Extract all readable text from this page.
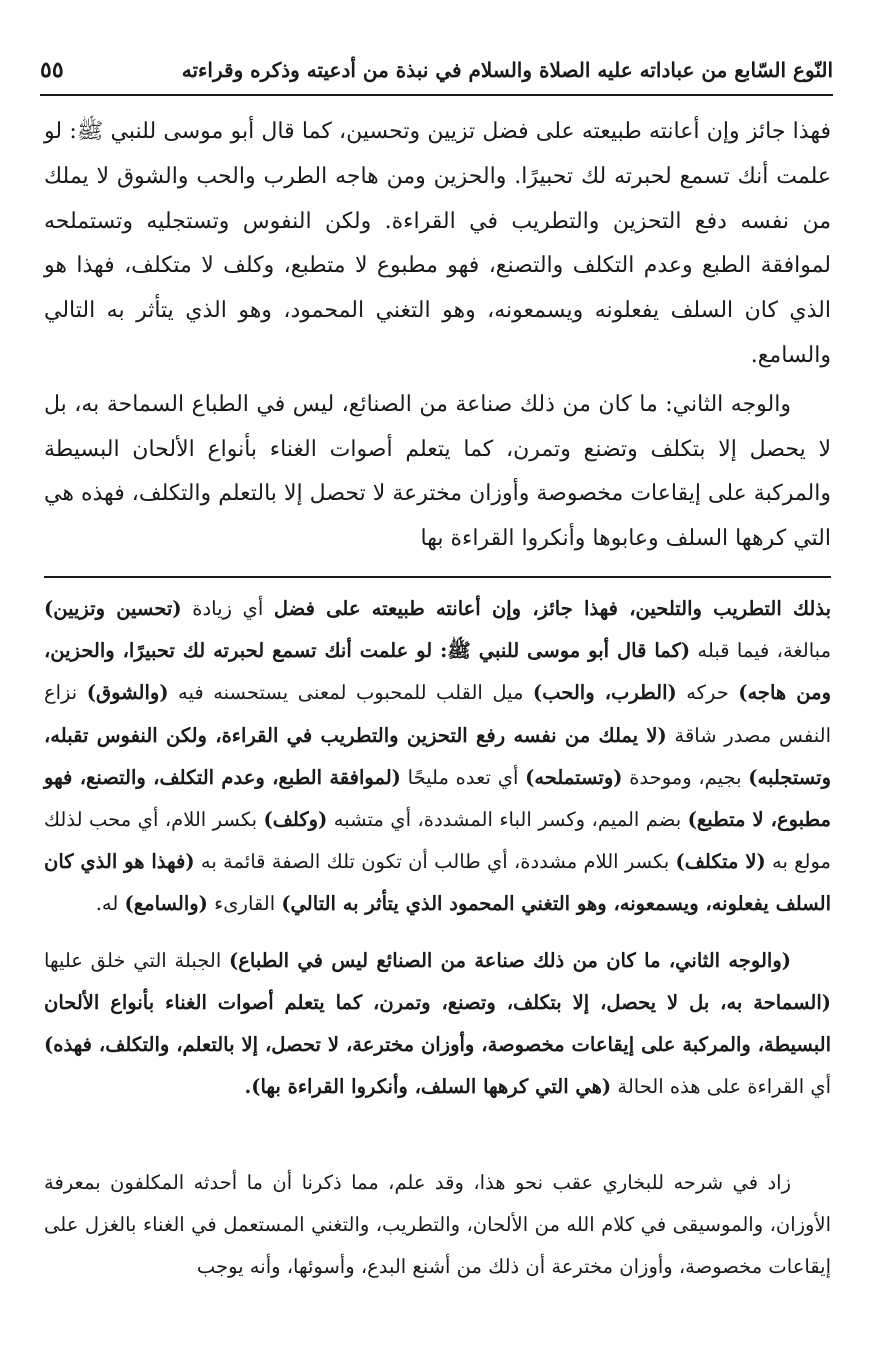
النّوع السّابع من عباداته عليه الصلاة والسلام في نبذة من أدعيته وذكره وقراءته
٥٥

فهذا جائز وإن أعانته طبيعته على فضل تزيين وتحسين، كما قال أبو موسى للنبي ﷺ: لو علمت أنك تسمع لحبرته لك تحبيرًا. والحزين ومن هاجه الطرب والحب والشوق لا يملك من نفسه دفع التحزين والتطريب في القراءة. ولكن النفوس وتستجليه وتستملحه لموافقة الطبع وعدم التكلف والتصنع، فهو مطبوع لا متطبع، وكلف لا متكلف، فهذا هو الذي كان السلف يفعلونه ويسمعونه، وهو التغني المحمود، وهو الذي يتأثر به التالي والسامع.

والوجه الثاني: ما كان من ذلك صناعة من الصنائع، ليس في الطباع السماحة به، بل لا يحصل إلا بتكلف وتضنع وتمرن، كما يتعلم أصوات الغناء بأنواع الألحان البسيطة والمركبة على إيقاعات مخصوصة وأوزان مخترعة لا تحصل إلا بالتعلم والتكلف، فهذه هي التي كرهها السلف وعابوها وأنكروا القراءة بها

بذلك التطريب والتلحين، فهذا جائز، وإن أعانته طبيعته على فضل أي زيادة (تحسين وتزيين) مبالغة، فيما قبله (كما قال أبو موسى للنبي ﷺ: لو علمت أنك تسمع لحبرته لك تحبيرًا، والحزين، ومن هاجه) حركه (الطرب، والحب) ميل القلب للمحبوب لمعنى يستحسنه فيه (والشوق) نزاع النفس مصدر شاقة (لا يملك من نفسه رفع التحزين والتطريب في القراءة، ولكن النفوس تقبله، وتستجلبه) بجيم، وموحدة (وتستملحه) أي تعده مليحًا (لموافقة الطبع، وعدم التكلف، والتصنع، فهو مطبوع، لا متطبع) بضم الميم، وكسر الباء المشددة، أي متشبه (وكلف) بكسر اللام، أي محب لذلك مولع به (لا متكلف) بكسر اللام مشددة، أي طالب أن تكون تلك الصفة قائمة به (فهذا هو الذي كان السلف يفعلونه، ويسمعونه، وهو التغني المحمود الذي يتأثر به التالي) القارىء (والسامع) له.

(والوجه الثاني، ما كان من ذلك صناعة من الصنائع ليس في الطباع) الجبلة التي خلق عليها (السماحة به، بل لا يحصل، إلا بتكلف، وتصنع، وتمرن، كما يتعلم أصوات الغناء بأنواع الألحان البسيطة، والمركبة على إيقاعات مخصوصة، وأوزان مخترعة، لا تحصل، إلا بالتعلم، والتكلف، فهذه) أي القراءة على هذه الحالة (هي التي كرهها السلف، وأنكروا القراءة بها).

زاد في شرحه للبخاري عقب نحو هذا، وقد علم، مما ذكرنا أن ما أحدثه المكلفون بمعرفة الأوزان، والموسيقى في كلام الله من الألحان، والتطريب، والتغني المستعمل في الغناء بالغزل على إيقاعات مخصوصة، وأوزان مخترعة أن ذلك من أشنع البدع، وأسوئها، وأنه يوجب
